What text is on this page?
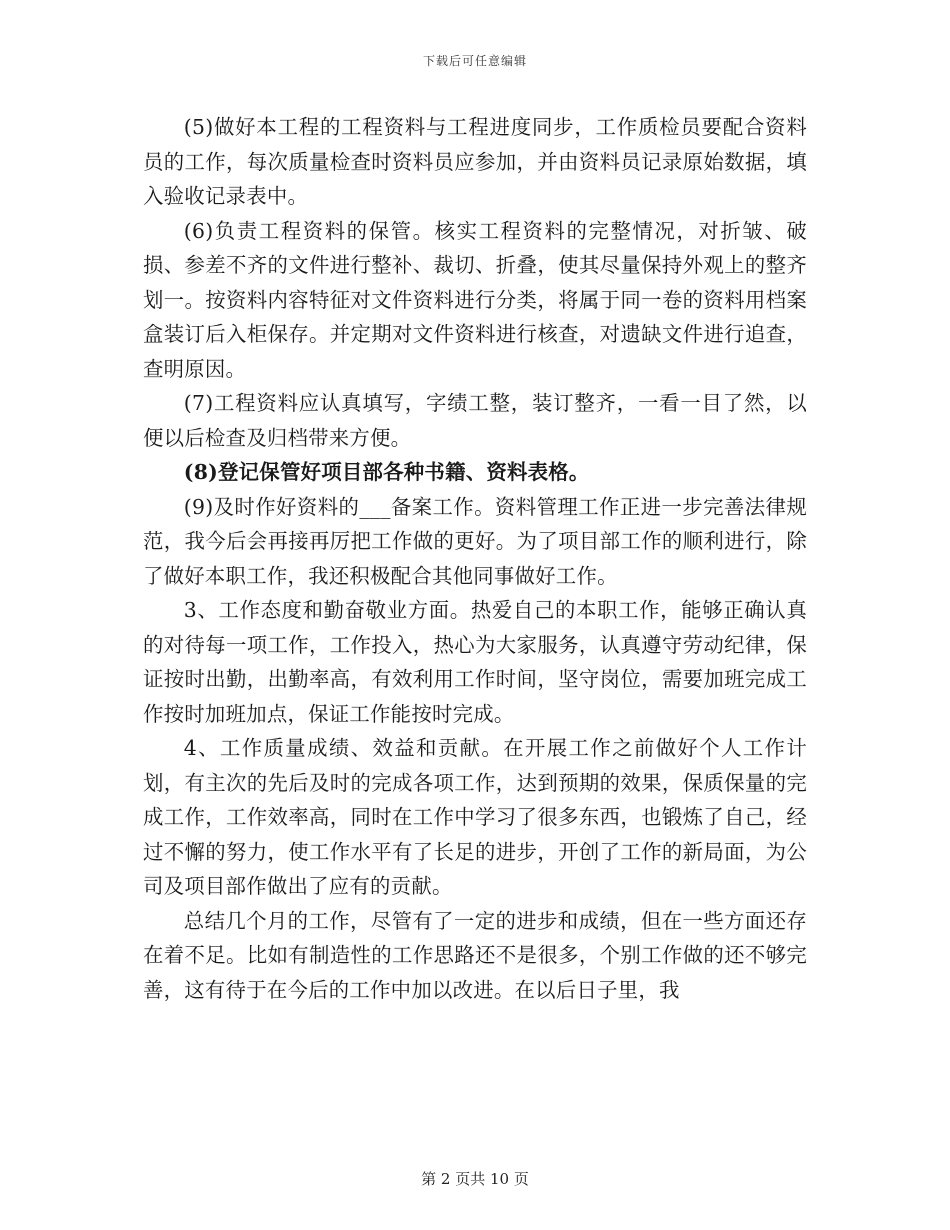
下载后可任意编辑

(5)做好本工程的工程资料与工程进度同步，工作质检员要配合资料员的工作，每次质量检查时资料员应参加，并由资料员记录原始数据，填入验收记录表中。

(6)负责工程资料的保管。核实工程资料的完整情况，对折皱、破损、参差不齐的文件进行整补、裁切、折叠，使其尽量保持外观上的整齐划一。按资料内容特征对文件资料进行分类，将属于同一卷的资料用档案盒装订后入柜保存。并定期对文件资料进行核查，对遗缺文件进行追查，查明原因。

(7)工程资料应认真填写，字绩工整，装订整齐，一看一目了然，以便以后检查及归档带来方便。

(8)登记保管好项目部各种书籍、资料表格。

(9)及时作好资料的___备案工作。资料管理工作正进一步完善法律规范，我今后会再接再厉把工作做的更好。为了项目部工作的顺利进行，除了做好本职工作，我还积极配合其他同事做好工作。

3、工作态度和勤奋敬业方面。热爱自己的本职工作，能够正确认真的对待每一项工作，工作投入，热心为大家服务，认真遵守劳动纪律，保证按时出勤，出勤率高，有效利用工作时间，坚守岗位，需要加班完成工作按时加班加点，保证工作能按时完成。

4、工作质量成绩、效益和贡献。在开展工作之前做好个人工作计划，有主次的先后及时的完成各项工作，达到预期的效果，保质保量的完成工作，工作效率高，同时在工作中学习了很多东西，也锻炼了自己，经过不懈的努力，使工作水平有了长足的进步，开创了工作的新局面，为公司及项目部作做出了应有的贡献。

总结几个月的工作，尽管有了一定的进步和成绩，但在一些方面还存在着不足。比如有制造性的工作思路还不是很多，个别工作做的还不够完善，这有待于在今后的工作中加以改进。在以后日子里，我

第 2 页共 10 页
